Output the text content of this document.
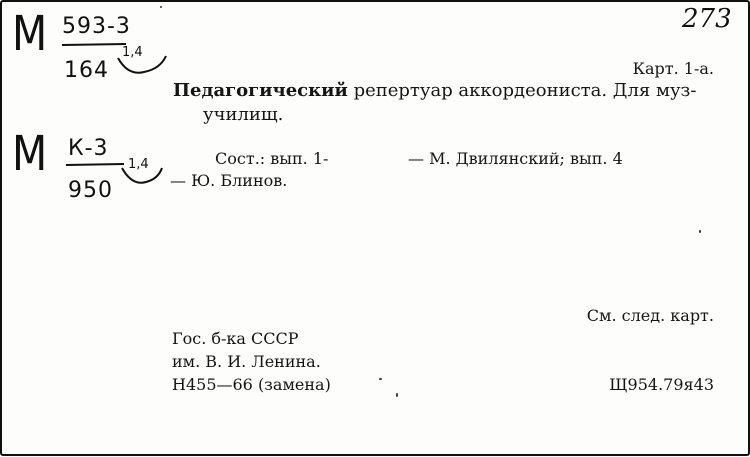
М 593-3
164
1,4
М К-3
950
1,4
273
Карт. 1-а.
Педагогический репертуар аккордеониста. Для муз-
училищ.
Сост.: вып. 1-	— М. Двилянский; вып. 4
— Ю. Блинов.
См. след. карт.
Гос. б-ка СССР
им. В. И. Ленина.
Н455—66 (замена)	Щ954.79я43
